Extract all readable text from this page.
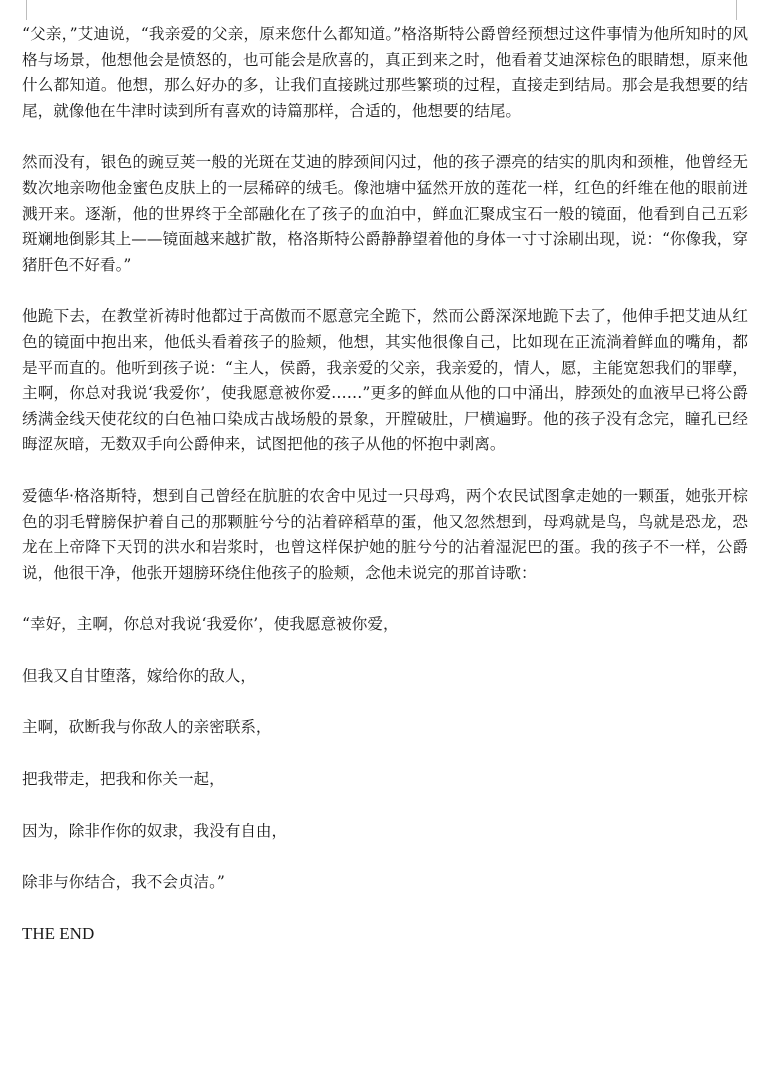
“父亲，”艾迪说，“我亲爱的父亲，原来您什么都知道。”格洛斯特公爵曾经预想过这件事情为他所知时的风格与场景，他想他会是愤怒的，也可能会是欣喜的，真正到来之时，他看着艾迪深棕色的眼睛想，原来他什么都知道。他想，那么好办的多，让我们直接跳过那些繁琐的过程，直接走到结局。那会是我想要的结尾，就像他在牛津时读到所有喜欢的诗篇那样，合适的，他想要的结尾。

然而没有，银色的豌豆荚一般的光斑在艾迪的脖颈间闪过，他的孩子漂亮的结实的肌肉和颈椎，他曾经无数次地亲吻他金蜜色皮肤上的一层稀碎的绒毛。像池塘中猛然开放的莲花一样，红色的纤维在他的眼前迸溅开来。逐渐，他的世界终于全部融化在了孩子的血泊中，鲜血汇聚成宝石一般的镜面，他看到自己五彩斑斓地倒影其上——镜面越来越扩散，格洛斯特公爵静静望着他的身体一寸寸涂刷出现，说：“你像我，穿猪肝色不好看。”

他跪下去，在教堂祈祷时他都过于高傲而不愿意完全跪下，然而公爵深深地跪下去了，他伸手把艾迪从红色的镜面中抱出来，他低头看着孩子的脸颊，他想，其实他很像自己，比如现在正流淌着鲜血的嘴角，都是平而直的。他听到孩子说：“主人，侯爵，我亲爱的父亲，我亲爱的，情人，愿，主能宽恕我们的罪孽，主啊，你总对我说‘我爱你’，使我愿意被你爱……”更多的鲜血从他的口中涌出，脖颈处的血液早已将公爵绣满金线天使花纹的白色袖口染成古战场般的景象，开膛破肚，尸横遍野。他的孩子没有念完，瞳孔已经晦涩灰暗，无数双手向公爵伸来，试图把他的孩子从他的怀抱中剥离。

爱德华·格洛斯特，想到自己曾经在肮脏的农舍中见过一只母鸡，两个农民试图拿走她的一颗蛋，她张开棕色的羽毛臂膀保护着自己的那颗脏兮兮的沾着碎稻草的蛋，他又忽然想到，母鸡就是鸟，鸟就是恐龙，恐龙在上帝降下天罚的洪水和岩浆时，也曾这样保护她的脏兮兮的沾着湿泥巴的蛋。我的孩子不一样，公爵说，他很干净，他张开翅膀环绕住他孩子的脸颊，念他未说完的那首诗歌：

“幸好，主啊，你总对我说‘我爱你’，使我愿意被你爱，

但我又自甘堕落，嫁给你的敌人，

主啊，砍断我与你敌人的亲密联系，

把我带走，把我和你关一起，

因为，除非作你的奴隶，我没有自由，

除非与你结合，我不会贞洁。”

THE END
